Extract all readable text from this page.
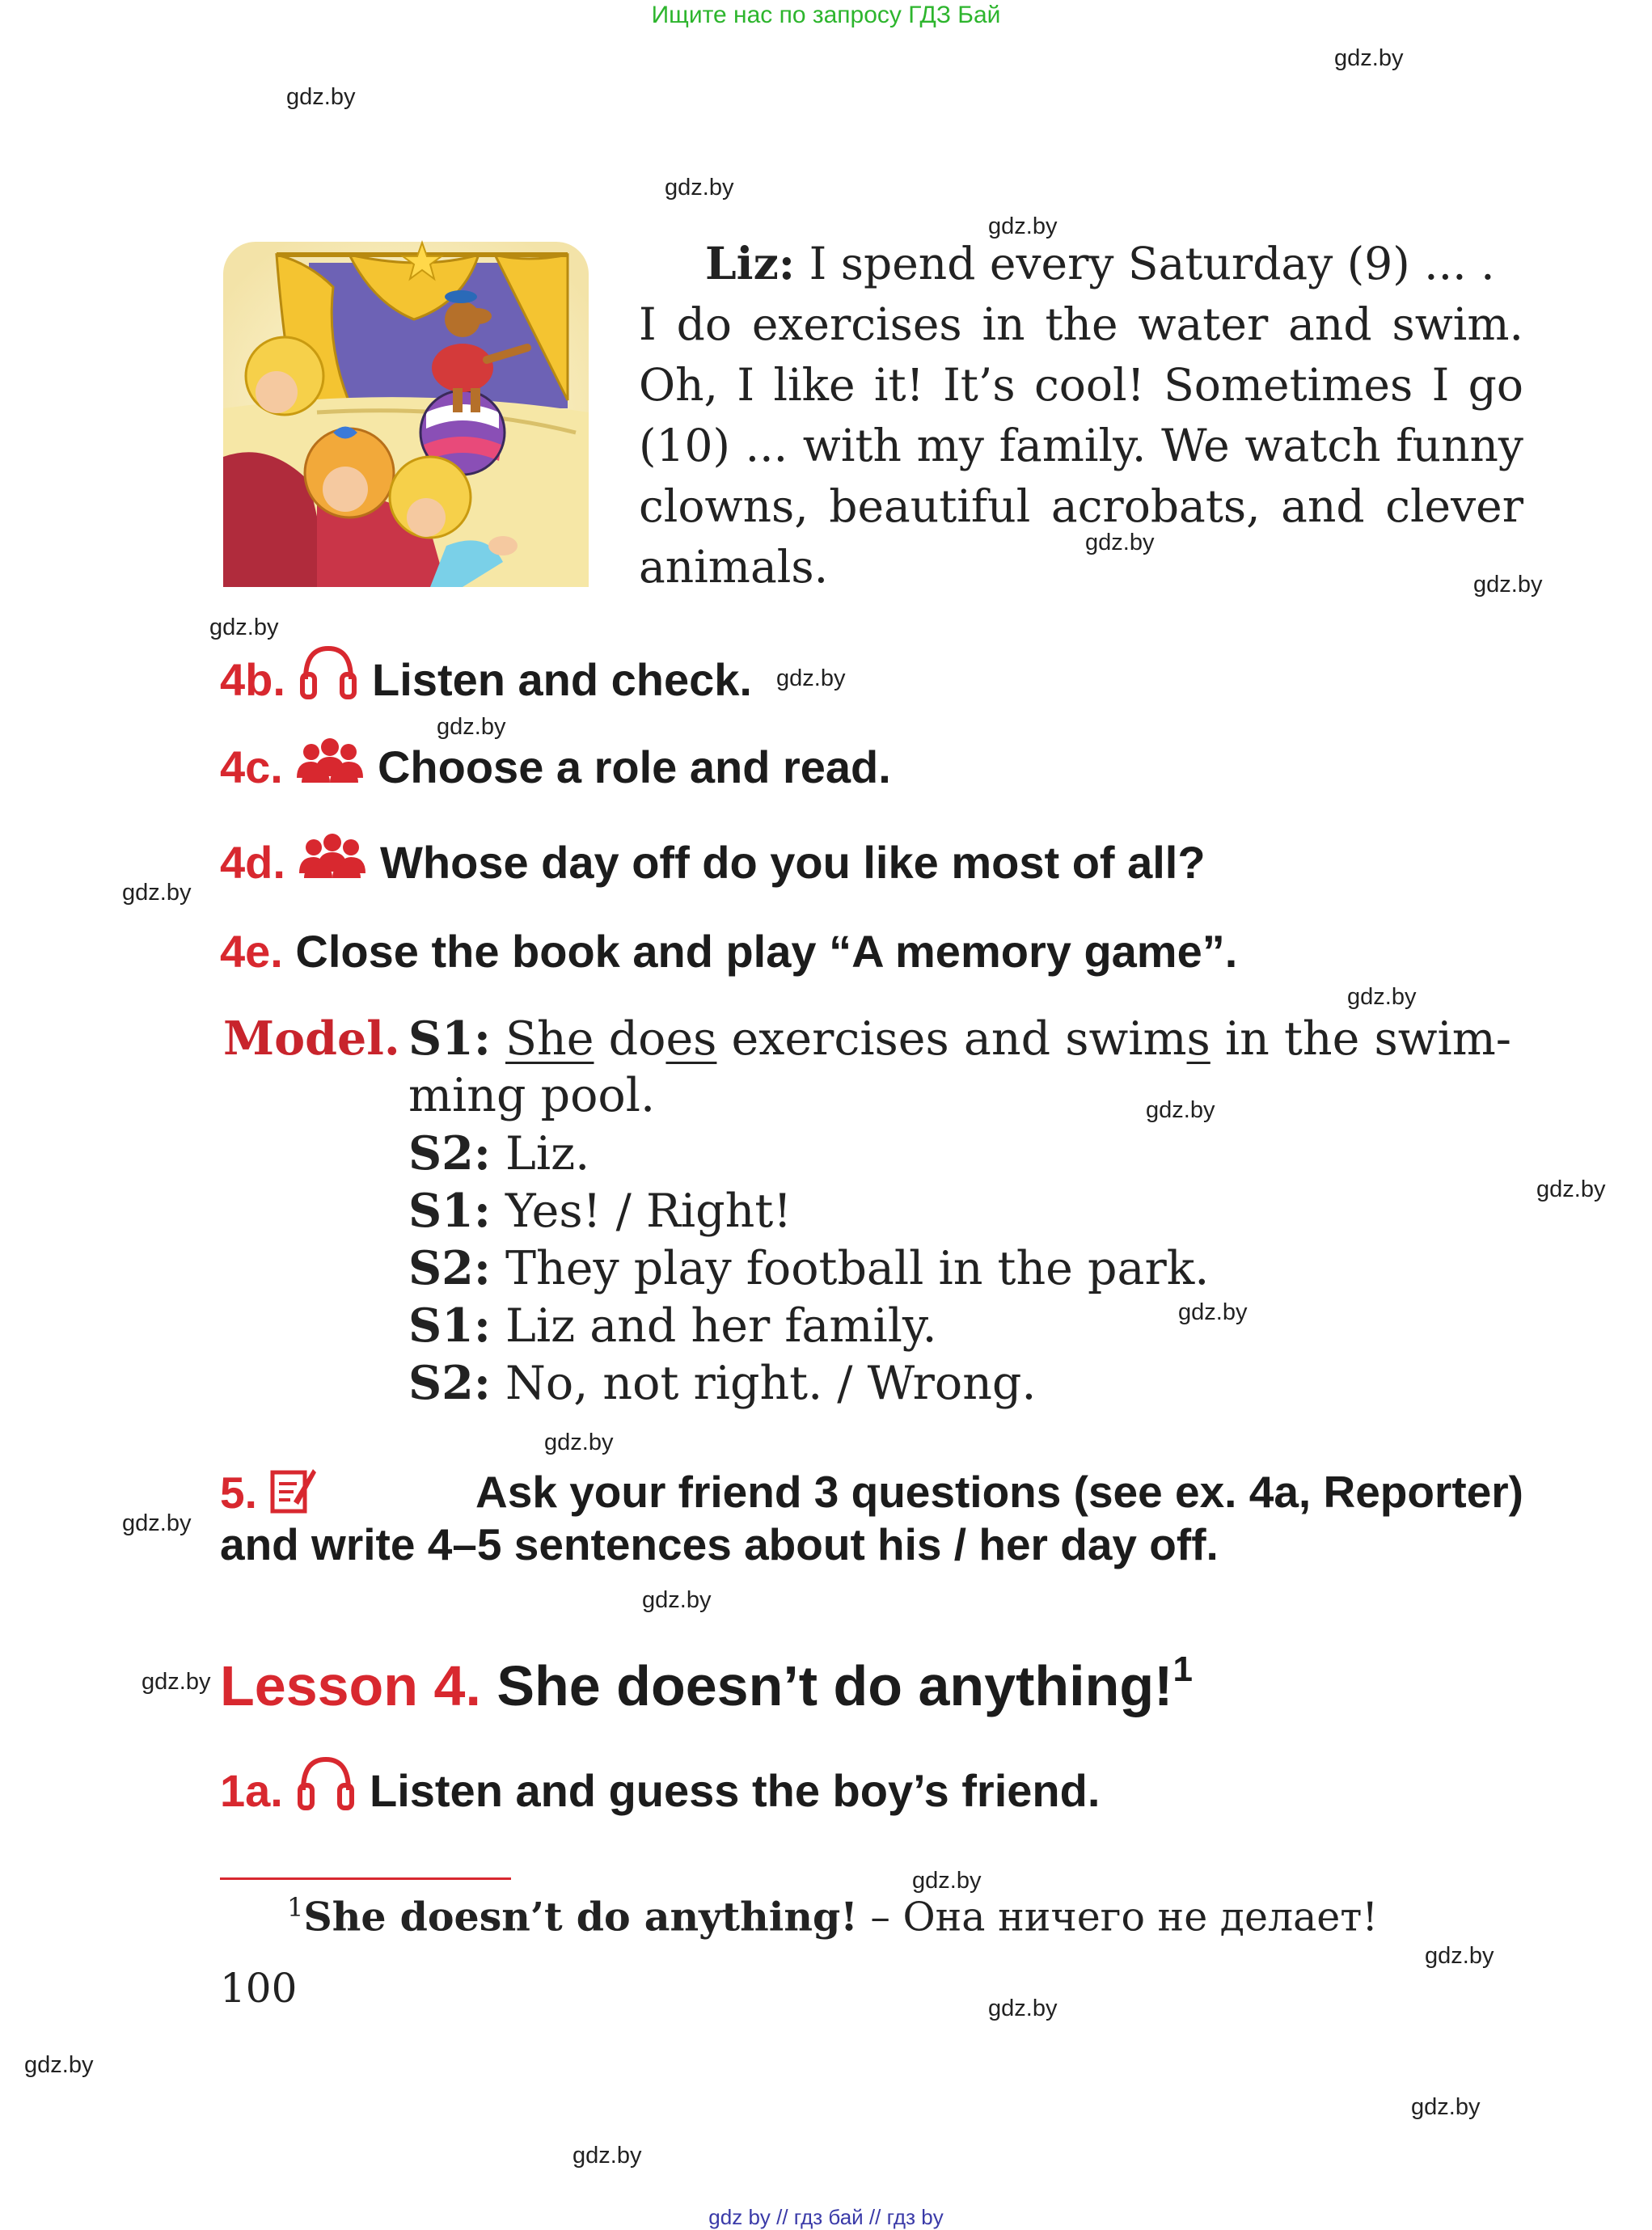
Ищите нас по запросу ГДЗ Бай
gdz.by
gdz.by
gdz.by
gdz.by
gdz.by
gdz.by
gdz.by
gdz.by
gdz.by
gdz.by
gdz.by
gdz.by
gdz.by
gdz.by
gdz.by
gdz.by
gdz.by
gdz.by
gdz.by
gdz.by
gdz.by
gdz.by
gdz.by
gdz.by
Liz: I spend every Saturday (9) ... .
I do exercises in the water and swim. Oh, I like it! It’s cool! Sometimes I go (10) ... with my family. We watch funny clowns, beautiful acrobats, and clever animals.
4b. Listen and check.
4c. Choose a role and read.
4d. Whose day off do you like most of all?
4e. Close the book and play “A memory game”.
Model. S1: She does exercises and swims in the swim-
ming pool.
S2: Liz.
S1: Yes! / Right!
S2: They play football in the park.
S1: Liz and her family.
S2: No, not right. / Wrong.
5.	Ask your friend 3 questions (see ex. 4a, Reporter)
and write 4–5 sentences about his / her day off.
Lesson 4. She doesn’t do anything!$^1$
1a. Listen and guess the boy’s friend.
$^1$She doesn’t do anything! – Она ничего не делает!
100
gdz by // гдз бай // гдз by
